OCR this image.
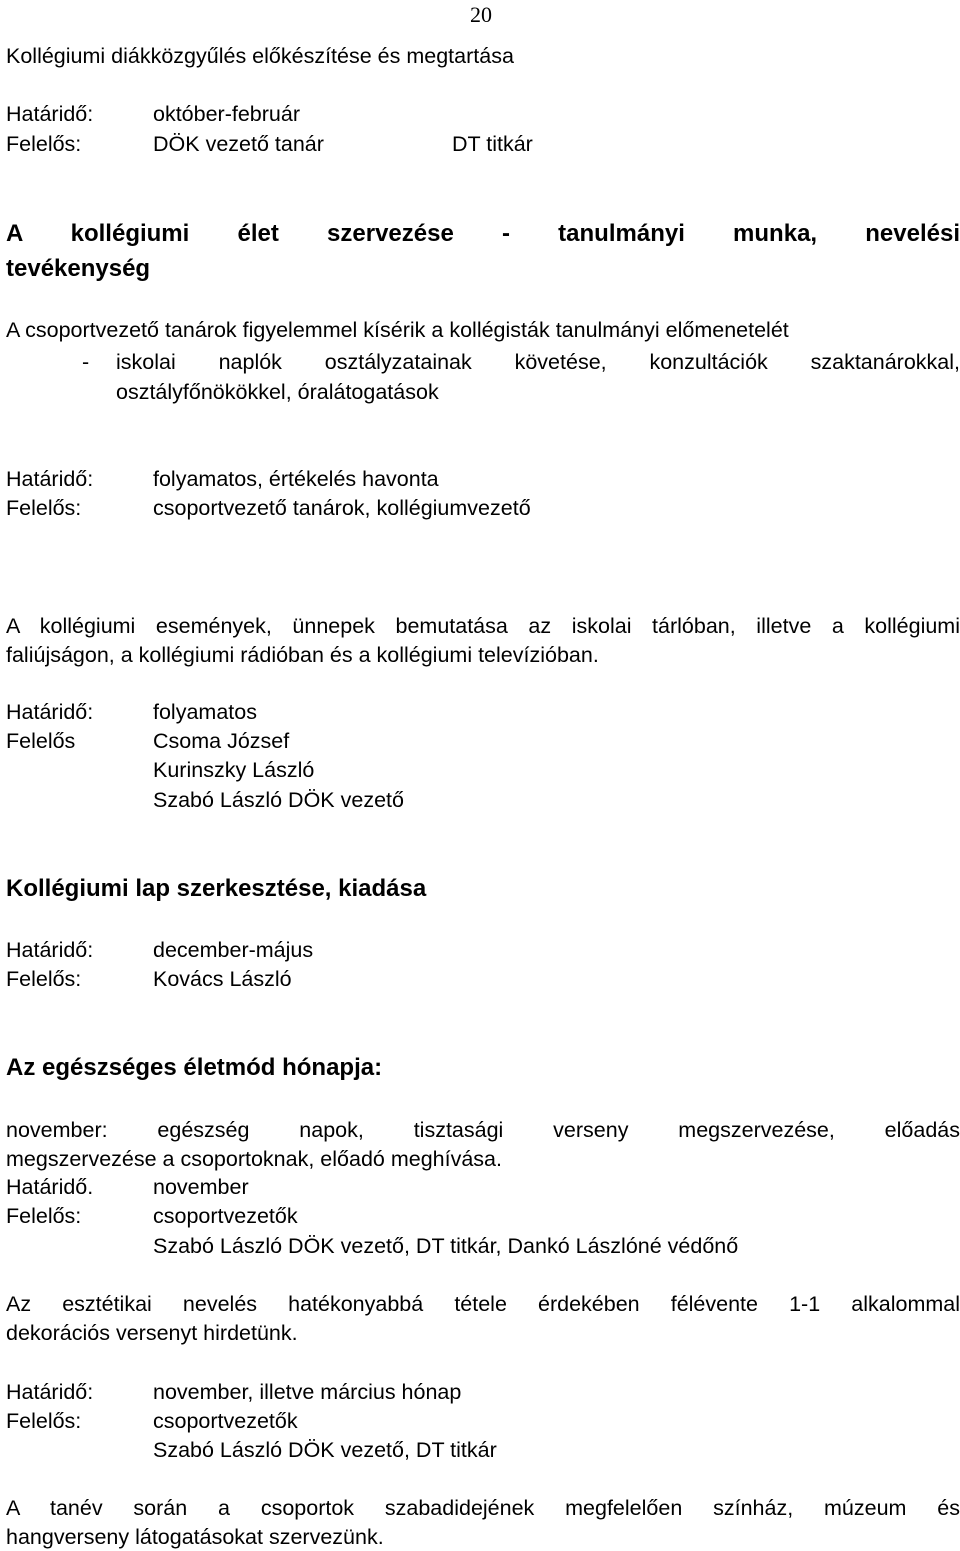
20
Kollégiumi diákközgyűlés előkészítése és megtartása
Határidő:	október-február
Felelős:	DÖK vezető tanár	DT titkár
A kollégiumi élet szervezése - tanulmányi munka, nevelési
tevékenység
A csoportvezető tanárok figyelemmel kísérik a kollégisták tanulmányi előmenetelét
- iskolai naplók osztályzatainak követése, konzultációk szaktanárokkal,
osztályfőnökökkel, óralátogatások
Határidő:	folyamatos, értékelés havonta
Felelős:	csoportvezető tanárok, kollégiumvezető
A kollégiumi események, ünnepek bemutatása az iskolai tárlóban, illetve a kollégiumi
faliújságon, a kollégiumi rádióban és a kollégiumi televízióban.
Határidő:	folyamatos
Felelős	Csoma József
Kurinszky László
Szabó László DÖK vezető
Kollégiumi lap szerkesztése, kiadása
Határidő:	december-május
Felelős:	Kovács László
Az egészséges életmód hónapja:
november: egészség napok, tisztasági verseny megszervezése, előadás
megszervezése a csoportoknak, előadó meghívása.
Határidő.	november
Felelős:	csoportvezetők
Szabó László DÖK vezető, DT titkár, Dankó Lászlóné védőnő
Az esztétikai nevelés hatékonyabbá tétele érdekében félévente 1-1 alkalommal
dekorációs versenyt hirdetünk.
Határidő:	november, illetve március hónap
Felelős:	csoportvezetők
Szabó László DÖK vezető, DT titkár
A tanév során a csoportok szabadidejének megfelelően színház, múzeum és
hangverseny látogatásokat szervezünk.
